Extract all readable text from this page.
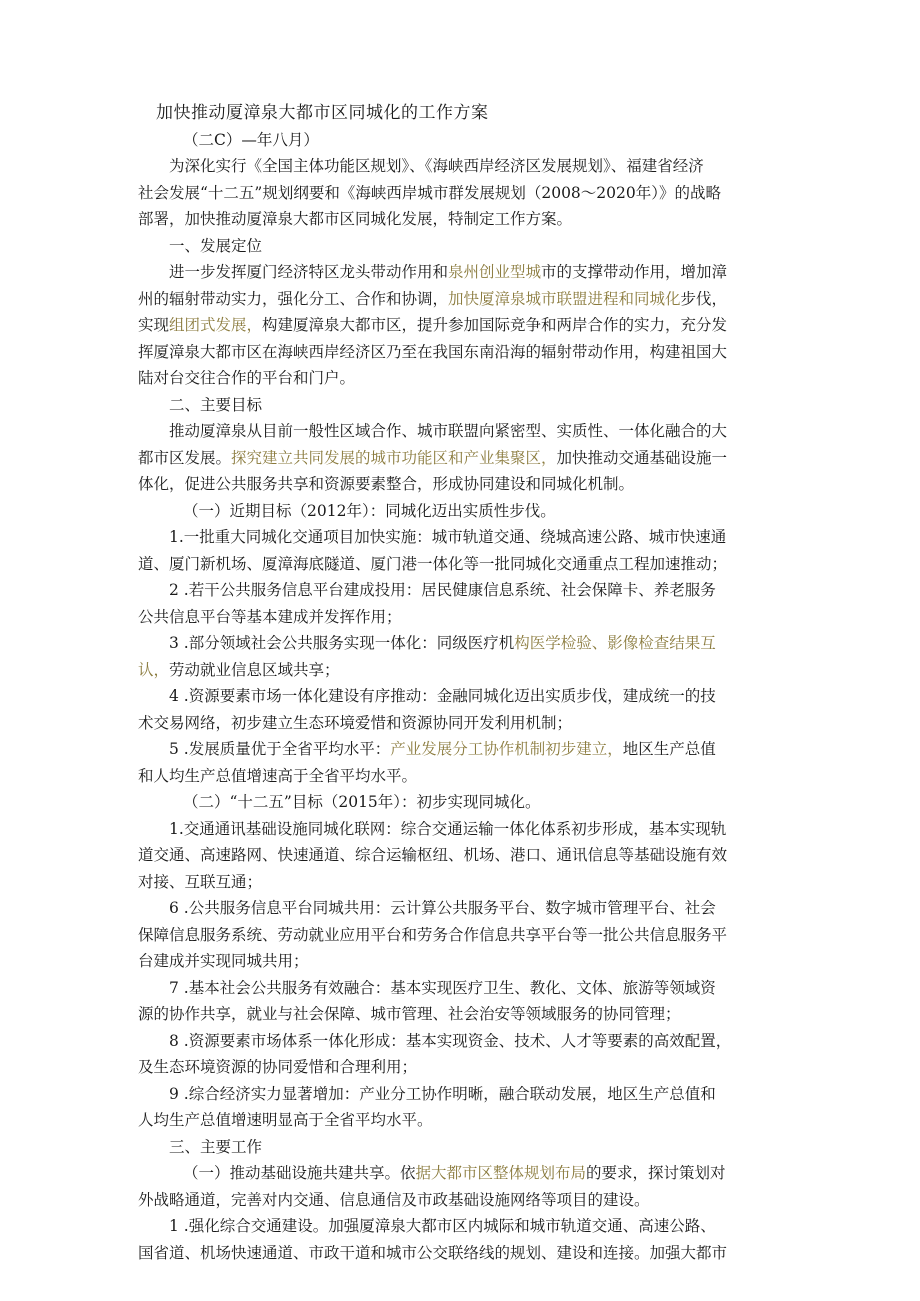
加快推动厦漳泉大都市区同城化的工作方案
（二C）—年八月）
为深化实行《全国主体功能区规划》、《海峡西岸经济区发展规划》、福建省经济
社会发展“十二五”规划纲要和《海峡西岸城市群发展规划（2008～2020年）》的战略
部署，加快推动厦漳泉大都市区同城化发展，特制定工作方案。
一、发展定位
进一步发挥厦门经济特区龙头带动作用和泉州创业型城市的支撑带动作用，增加漳
州的辐射带动实力，强化分工、合作和协调，加快厦漳泉城市联盟进程和同城化步伐，
实现组团式发展，构建厦漳泉大都市区，提升参加国际竞争和两岸合作的实力，充分发
挥厦漳泉大都市区在海峡西岸经济区乃至在我国东南沿海的辐射带动作用，构建祖国大
陆对台交往合作的平台和门户。
二、主要目标
推动厦漳泉从目前一般性区域合作、城市联盟向紧密型、实质性、一体化融合的大
都市区发展。探究建立共同发展的城市功能区和产业集聚区，加快推动交通基础设施一
体化，促进公共服务共享和资源要素整合，形成协同建设和同城化机制。
（一）近期目标（2012年）：同城化迈出实质性步伐。
1.一批重大同城化交通项目加快实施：城市轨道交通、绕城高速公路、城市快速通
道、厦门新机场、厦漳海底隧道、厦门港一体化等一批同城化交通重点工程加速推动；
2 .若干公共服务信息平台建成投用：居民健康信息系统、社会保障卡、养老服务
公共信息平台等基本建成并发挥作用；
3 .部分领域社会公共服务实现一体化：同级医疗机构医学检验、影像检查结果互
认，劳动就业信息区域共享；
4 .资源要素市场一体化建设有序推动：金融同城化迈出实质步伐，建成统一的技
术交易网络，初步建立生态环境爱惜和资源协同开发利用机制；
5 .发展质量优于全省平均水平：产业发展分工协作机制初步建立，地区生产总值
和人均生产总值增速高于全省平均水平。
（二）“十二五”目标（2015年）：初步实现同城化。
1.交通通讯基础设施同城化联网：综合交通运输一体化体系初步形成，基本实现轨
道交通、高速路网、快速通道、综合运输枢纽、机场、港口、通讯信息等基础设施有效
对接、互联互通；
6 .公共服务信息平台同城共用：云计算公共服务平台、数字城市管理平台、社会
保障信息服务系统、劳动就业应用平台和劳务合作信息共享平台等一批公共信息服务平
台建成并实现同城共用；
7 .基本社会公共服务有效融合：基本实现医疗卫生、教化、文体、旅游等领域资
源的协作共享，就业与社会保障、城市管理、社会治安等领域服务的协同管理；
8 .资源要素市场体系一体化形成：基本实现资金、技术、人才等要素的高效配置，
及生态环境资源的协同爱惜和合理利用；
9 .综合经济实力显著增加：产业分工协作明晰，融合联动发展，地区生产总值和
人均生产总值增速明显高于全省平均水平。
三、主要工作
（一）推动基础设施共建共享。依据大都市区整体规划布局的要求，探讨策划对
外战略通道，完善对内交通、信息通信及市政基础设施网络等项目的建设。
1 .强化综合交通建设。加强厦漳泉大都市区内城际和城市轨道交通、高速公路、
国省道、机场快速通道、市政干道和城市公交联络线的规划、建设和连接。加强大都市
